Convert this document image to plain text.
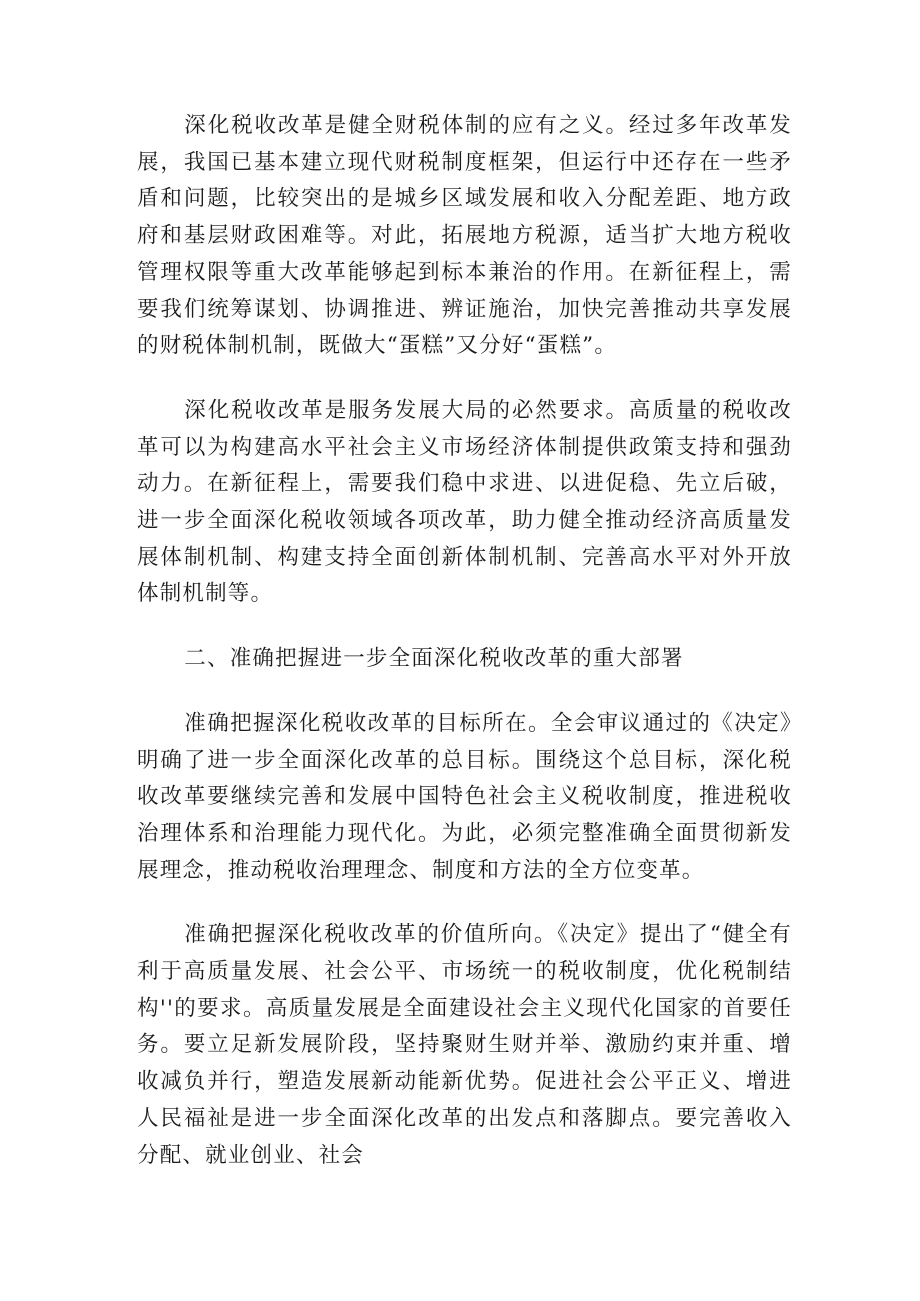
深化税收改革是健全财税体制的应有之义。经过多年改革发展，我国已基本建立现代财税制度框架，但运行中还存在一些矛盾和问题，比较突出的是城乡区域发展和收入分配差距、地方政府和基层财政困难等。对此，拓展地方税源，适当扩大地方税收管理权限等重大改革能够起到标本兼治的作用。在新征程上，需要我们统筹谋划、协调推进、辨证施治，加快完善推动共享发展的财税体制机制，既做大“蛋糕”又分好“蛋糕”。

深化税收改革是服务发展大局的必然要求。高质量的税收改革可以为构建高水平社会主义市场经济体制提供政策支持和强劲动力。在新征程上，需要我们稳中求进、以进促稳、先立后破，进一步全面深化税收领域各项改革，助力健全推动经济高质量发展体制机制、构建支持全面创新体制机制、完善高水平对外开放体制机制等。

二、准确把握进一步全面深化税收改革的重大部署

准确把握深化税收改革的目标所在。全会审议通过的《决定》明确了进一步全面深化改革的总目标。围绕这个总目标，深化税收改革要继续完善和发展中国特色社会主义税收制度，推进税收治理体系和治理能力现代化。为此，必须完整准确全面贯彻新发展理念，推动税收治理理念、制度和方法的全方位变革。

准确把握深化税收改革的价值所向。《决定》提出了“健全有利于高质量发展、社会公平、市场统一的税收制度，优化税制结构''的要求。高质量发展是全面建设社会主义现代化国家的首要任务。要立足新发展阶段，坚持聚财生财并举、激励约束并重、增收减负并行，塑造发展新动能新优势。促进社会公平正义、增进人民福祉是进一步全面深化改革的出发点和落脚点。要完善收入分配、就业创业、社会
